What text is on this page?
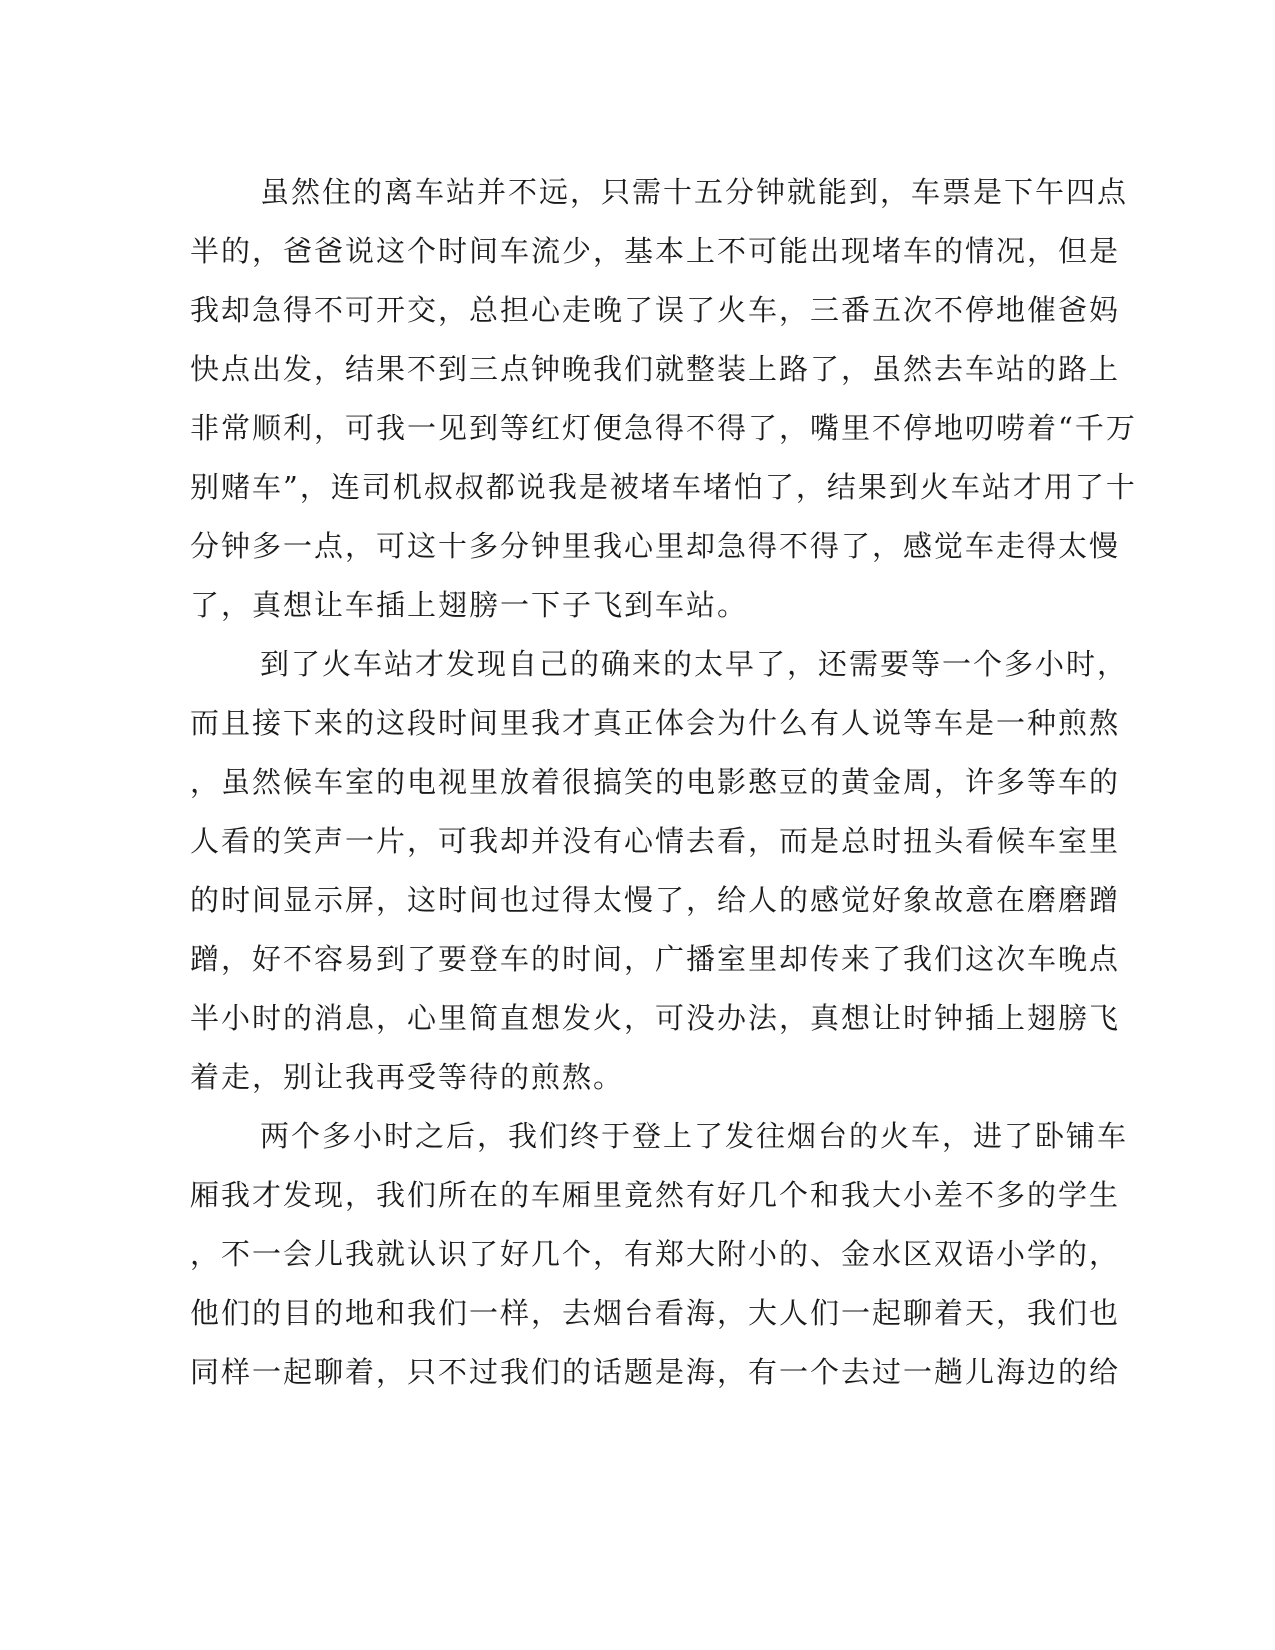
虽然住的离车站并不远，只需十五分钟就能到，车票是下午四点
半的，爸爸说这个时间车流少，基本上不可能出现堵车的情况，但是
我却急得不可开交，总担心走晚了误了火车，三番五次不停地催爸妈
快点出发，结果不到三点钟晚我们就整装上路了，虽然去车站的路上
非常顺利，可我一见到等红灯便急得不得了，嘴里不停地叨唠着“千万
别赌车”，连司机叔叔都说我是被堵车堵怕了，结果到火车站才用了十
分钟多一点，可这十多分钟里我心里却急得不得了，感觉车走得太慢
了，真想让车插上翅膀一下子飞到车站。
到了火车站才发现自己的确来的太早了，还需要等一个多小时，
而且接下来的这段时间里我才真正体会为什么有人说等车是一种煎熬
，虽然候车室的电视里放着很搞笑的电影憨豆的黄金周，许多等车的
人看的笑声一片，可我却并没有心情去看，而是总时扭头看候车室里
的时间显示屏，这时间也过得太慢了，给人的感觉好象故意在磨磨蹭
蹭，好不容易到了要登车的时间，广播室里却传来了我们这次车晚点
半小时的消息，心里简直想发火，可没办法，真想让时钟插上翅膀飞
着走，别让我再受等待的煎熬。
两个多小时之后，我们终于登上了发往烟台的火车，进了卧铺车
厢我才发现，我们所在的车厢里竟然有好几个和我大小差不多的学生
，不一会儿我就认识了好几个，有郑大附小的、金水区双语小学的，
他们的目的地和我们一样，去烟台看海，大人们一起聊着天，我们也
同样一起聊着，只不过我们的话题是海，有一个去过一趟儿海边的给
